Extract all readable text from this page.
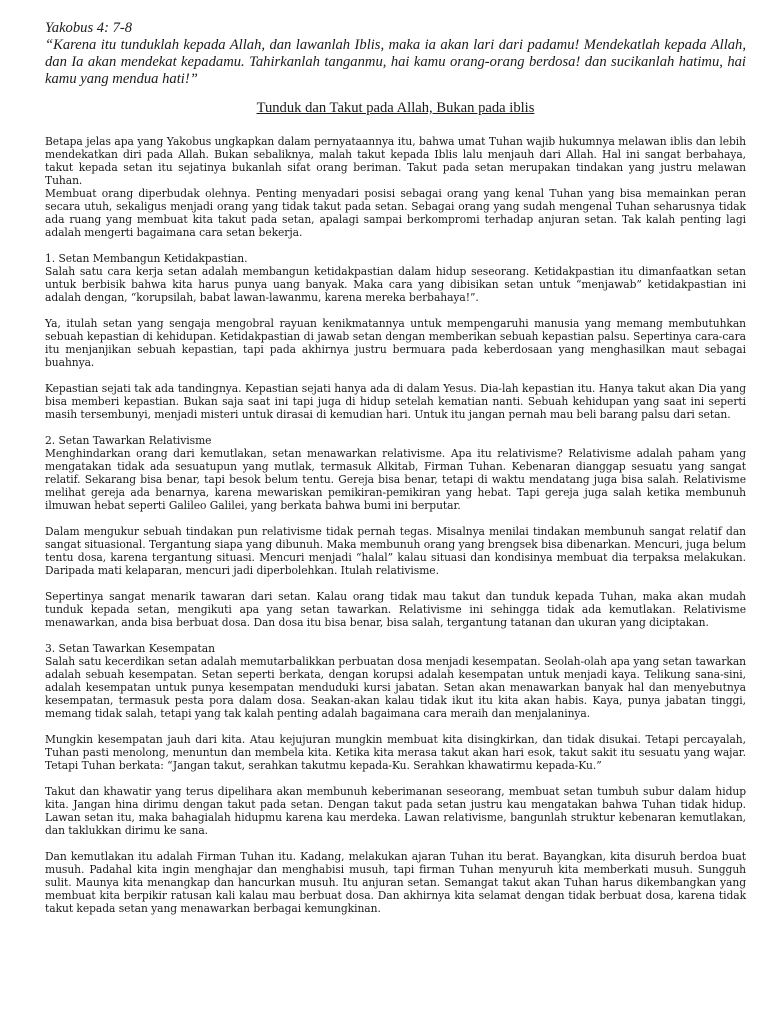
Yakobus 4: 7-8
“Karena itu tunduklah kepada Allah, dan lawanlah Iblis, maka ia akan lari dari padamu! Mendekatlah kepada Allah, dan Ia akan mendekat kepadamu. Tahirkanlah tanganmu, hai kamu orang-orang berdosa! dan sucikanlah hatimu, hai kamu yang mendua hati!”
Tunduk dan Takut pada Allah, Bukan pada iblis

Betapa jelas apa yang Yakobus ungkapkan dalam pernyataannya itu, bahwa umat Tuhan wajib hukumnya melawan iblis dan lebih mendekatkan diri pada Allah. Bukan sebaliknya, malah takut kepada Iblis lalu menjauh dari Allah. Hal ini sangat berbahaya, takut kepada setan itu sejatinya bukanlah sifat orang beriman. Takut pada setan merupakan tindakan yang justru melawan Tuhan.

Membuat orang diperbudak olehnya. Penting menyadari posisi sebagai orang yang kenal Tuhan yang bisa memainkan peran secara utuh, sekaligus menjadi orang yang tidak takut pada setan. Sebagai orang yang sudah mengenal Tuhan seharusnya tidak ada ruang yang membuat kita takut pada setan, apalagi sampai berkompromi terhadap anjuran setan. Tak kalah penting lagi adalah mengerti bagaimana cara setan bekerja.

1. Setan Membangun Ketidakpastian.

Salah satu cara kerja setan adalah membangun ketidakpastian dalam hidup seseorang. Ketidakpastian itu dimanfaatkan setan untuk berbisik bahwa kita harus punya uang banyak. Maka cara yang dibisikan setan untuk “menjawab” ketidakpastian ini adalah dengan, “korupsilah, babat lawan-lawanmu, karena mereka berbahaya!”.

Ya, itulah setan yang sengaja mengobral rayuan kenikmatannya untuk mempengaruhi manusia yang memang membutuhkan sebuah kepastian di kehidupan. Ketidakpastian di jawab setan dengan memberikan sebuah kepastian palsu. Sepertinya cara-cara itu menjanjikan sebuah kepastian, tapi pada akhirnya justru bermuara pada keberdosaan yang menghasilkan maut sebagai buahnya.

Kepastian sejati tak ada tandingnya. Kepastian sejati hanya ada di dalam Yesus. Dia-lah kepastian itu. Hanya takut akan Dia yang bisa memberi kepastian. Bukan saja saat ini tapi juga di hidup setelah kematian nanti. Sebuah kehidupan yang saat ini seperti masih tersembunyi, menjadi misteri untuk dirasai di kemudian hari. Untuk itu jangan pernah mau beli barang palsu dari setan.

2. Setan Tawarkan Relativisme

Menghindarkan orang dari kemutlakan, setan menawarkan relativisme. Apa itu relativisme? Relativisme adalah paham yang mengatakan tidak ada sesuatupun yang mutlak, termasuk Alkitab, Firman Tuhan. Kebenaran dianggap sesuatu yang sangat relatif. Sekarang bisa benar, tapi besok belum tentu. Gereja bisa benar, tetapi di waktu mendatang juga bisa salah. Relativisme melihat gereja ada benarnya, karena mewariskan pemikiran-pemikiran yang hebat. Tapi gereja juga salah ketika membunuh ilmuwan hebat seperti Galileo Galilei, yang berkata bahwa bumi ini berputar.

Dalam mengukur sebuah tindakan pun relativisme tidak pernah tegas. Misalnya menilai tindakan membunuh sangat relatif dan sangat situasional. Tergantung siapa yang dibunuh. Maka membunuh orang yang brengsek bisa dibenarkan. Mencuri, juga belum tentu dosa, karena tergantung situasi. Mencuri menjadi “halal” kalau situasi dan kondisinya membuat dia terpaksa melakukan. Daripada mati kelaparan, mencuri jadi diperbolehkan. Itulah relativisme.

Sepertinya sangat menarik tawaran dari setan. Kalau orang tidak mau takut dan tunduk kepada Tuhan, maka akan mudah tunduk kepada setan, mengikuti apa yang setan tawarkan. Relativisme ini sehingga tidak ada kemutlakan. Relativisme menawarkan, anda bisa berbuat dosa. Dan dosa itu bisa benar, bisa salah, tergantung tatanan dan ukuran yang diciptakan.

3. Setan Tawarkan Kesempatan

Salah satu kecerdikan setan adalah memutarbalikkan perbuatan dosa menjadi kesempatan. Seolah-olah apa yang setan tawarkan adalah sebuah kesempatan. Setan seperti berkata, dengan korupsi adalah kesempatan untuk menjadi kaya. Telikung sana-sini, adalah kesempatan untuk punya kesempatan menduduki kursi jabatan. Setan akan menawarkan banyak hal dan menyebutnya kesempatan, termasuk pesta pora dalam dosa. Seakan-akan kalau tidak ikut itu kita akan habis. Kaya, punya jabatan tinggi, memang tidak salah, tetapi yang tak kalah penting adalah bagaimana cara meraih dan menjalaninya.

Mungkin kesempatan jauh dari kita. Atau kejujuran mungkin membuat kita disingkirkan, dan tidak disukai. Tetapi percayalah, Tuhan pasti menolong, menuntun dan membela kita. Ketika kita merasa takut akan hari esok, takut sakit itu sesuatu yang wajar. Tetapi Tuhan berkata: “Jangan takut, serahkan takutmu kepada-Ku. Serahkan khawatirmu kepada-Ku.”

Takut dan khawatir yang terus dipelihara akan membunuh keberimanan seseorang, membuat setan tumbuh subur dalam hidup kita. Jangan hina dirimu dengan takut pada setan. Dengan takut pada setan justru kau mengatakan bahwa Tuhan tidak hidup. Lawan setan itu, maka bahagialah hidupmu karena kau merdeka. Lawan relativisme, bangunlah struktur kebenaran kemutlakan, dan taklukkan dirimu ke sana.

Dan kemutlakan itu adalah Firman Tuhan itu. Kadang, melakukan ajaran Tuhan itu berat. Bayangkan, kita disuruh berdoa buat musuh. Padahal kita ingin menghajar dan menghabisi musuh, tapi firman Tuhan menyuruh kita memberkati musuh. Sungguh sulit. Maunya kita menangkap dan hancurkan musuh. Itu anjuran setan. Semangat takut akan Tuhan harus dikembangkan yang membuat kita berpikir ratusan kali kalau mau berbuat dosa. Dan akhirnya kita selamat dengan tidak berbuat dosa, karena tidak takut kepada setan yang menawarkan berbagai kemungkinan.
